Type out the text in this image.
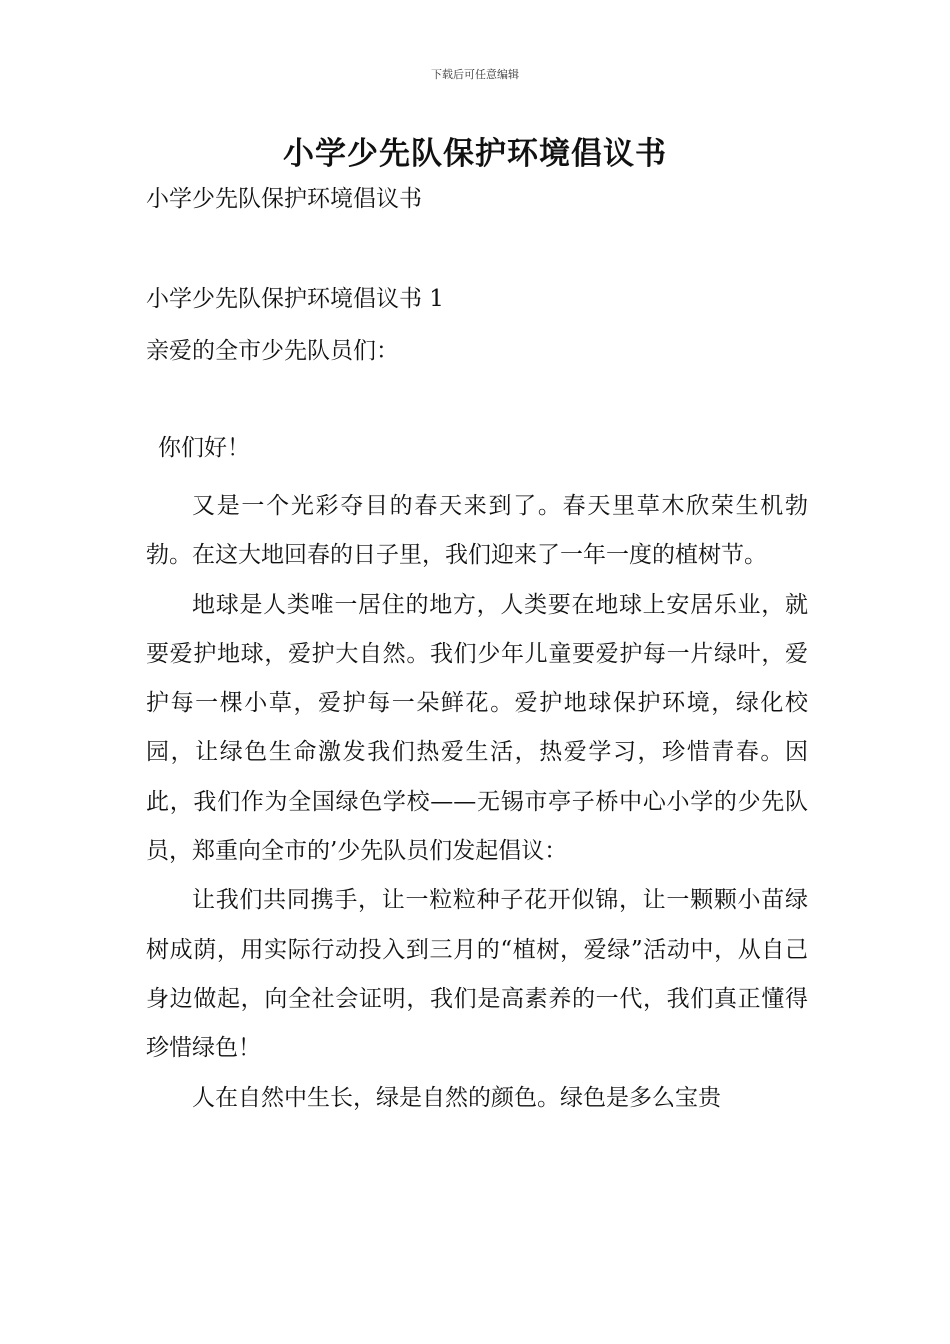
下载后可任意编辑
小学少先队保护环境倡议书
小学少先队保护环境倡议书
小学少先队保护环境倡议书 1
亲爱的全市少先队员们：
你们好！

又是一个光彩夺目的春天来到了。春天里草木欣荣生机勃勃。在这大地回春的日子里，我们迎来了一年一度的植树节。

地球是人类唯一居住的地方，人类要在地球上安居乐业，就要爱护地球，爱护大自然。我们少年儿童要爱护每一片绿叶，爱护每一棵小草，爱护每一朵鲜花。爱护地球保护环境，绿化校园，让绿色生命激发我们热爱生活，热爱学习，珍惜青春。因此，我们作为全国绿色学校——无锡市亭子桥中心小学的少先队员，郑重向全市的’少先队员们发起倡议：

让我们共同携手，让一粒粒种子花开似锦，让一颗颗小苗绿树成荫，用实际行动投入到三月的“植树，爱绿”活动中，从自己身边做起，向全社会证明，我们是高素养的一代，我们真正懂得珍惜绿色！

人在自然中生长，绿是自然的颜色。绿色是多么宝贵
